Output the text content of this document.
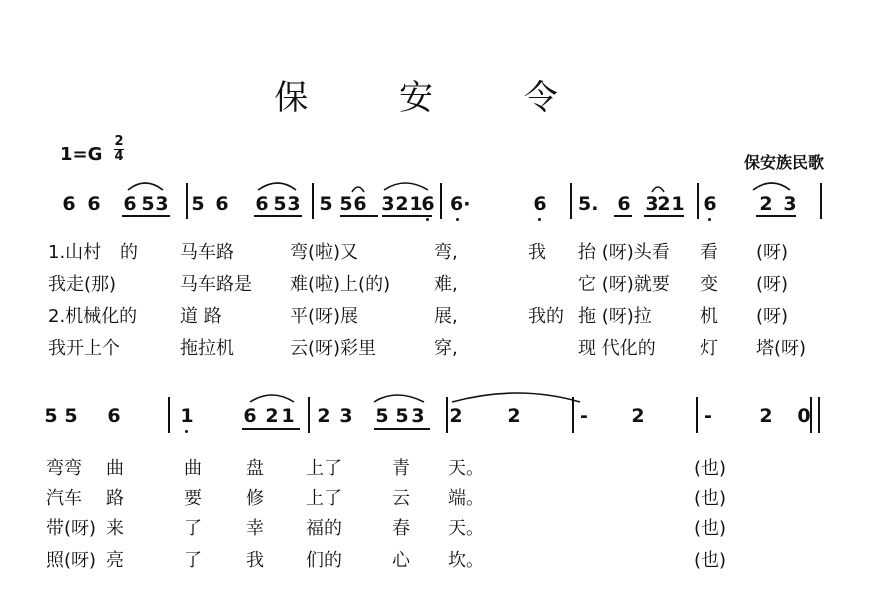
保 安 令
1=G
2
4	保安族民歌
6 6 6 5 3 5 6 6 5 3 5 5 6 3 2 1
6 6·	6 5. 6 3
2 1 6 2 3
5 5 6	1	6 2 1 2 3 5 5 3 2 2	- 2	- 2 0
1.山村 的 马车路	弯(啦)又	弯,	我 抬 (呀)头看 看 (呀)
我走(那)	马车路是 难(啦)上(的) 难,	它 (呀)就要 变 (呀)
2.机械化的 道 路	平(呀)展	展,	我的 拖 (呀)拉	机 (呀)
我开上个	拖拉机	云(呀)彩里	穿,	现 代化的 灯 塔(呀)
弯弯 曲	曲 盘 上了	青 天。	(也)
汽车 路	要 修 上了	云 端。	(也)
带(呀) 来	了 幸 福的	春 天。	(也)
照(呀) 亮	了 我 们的	心 坎。	(也)
